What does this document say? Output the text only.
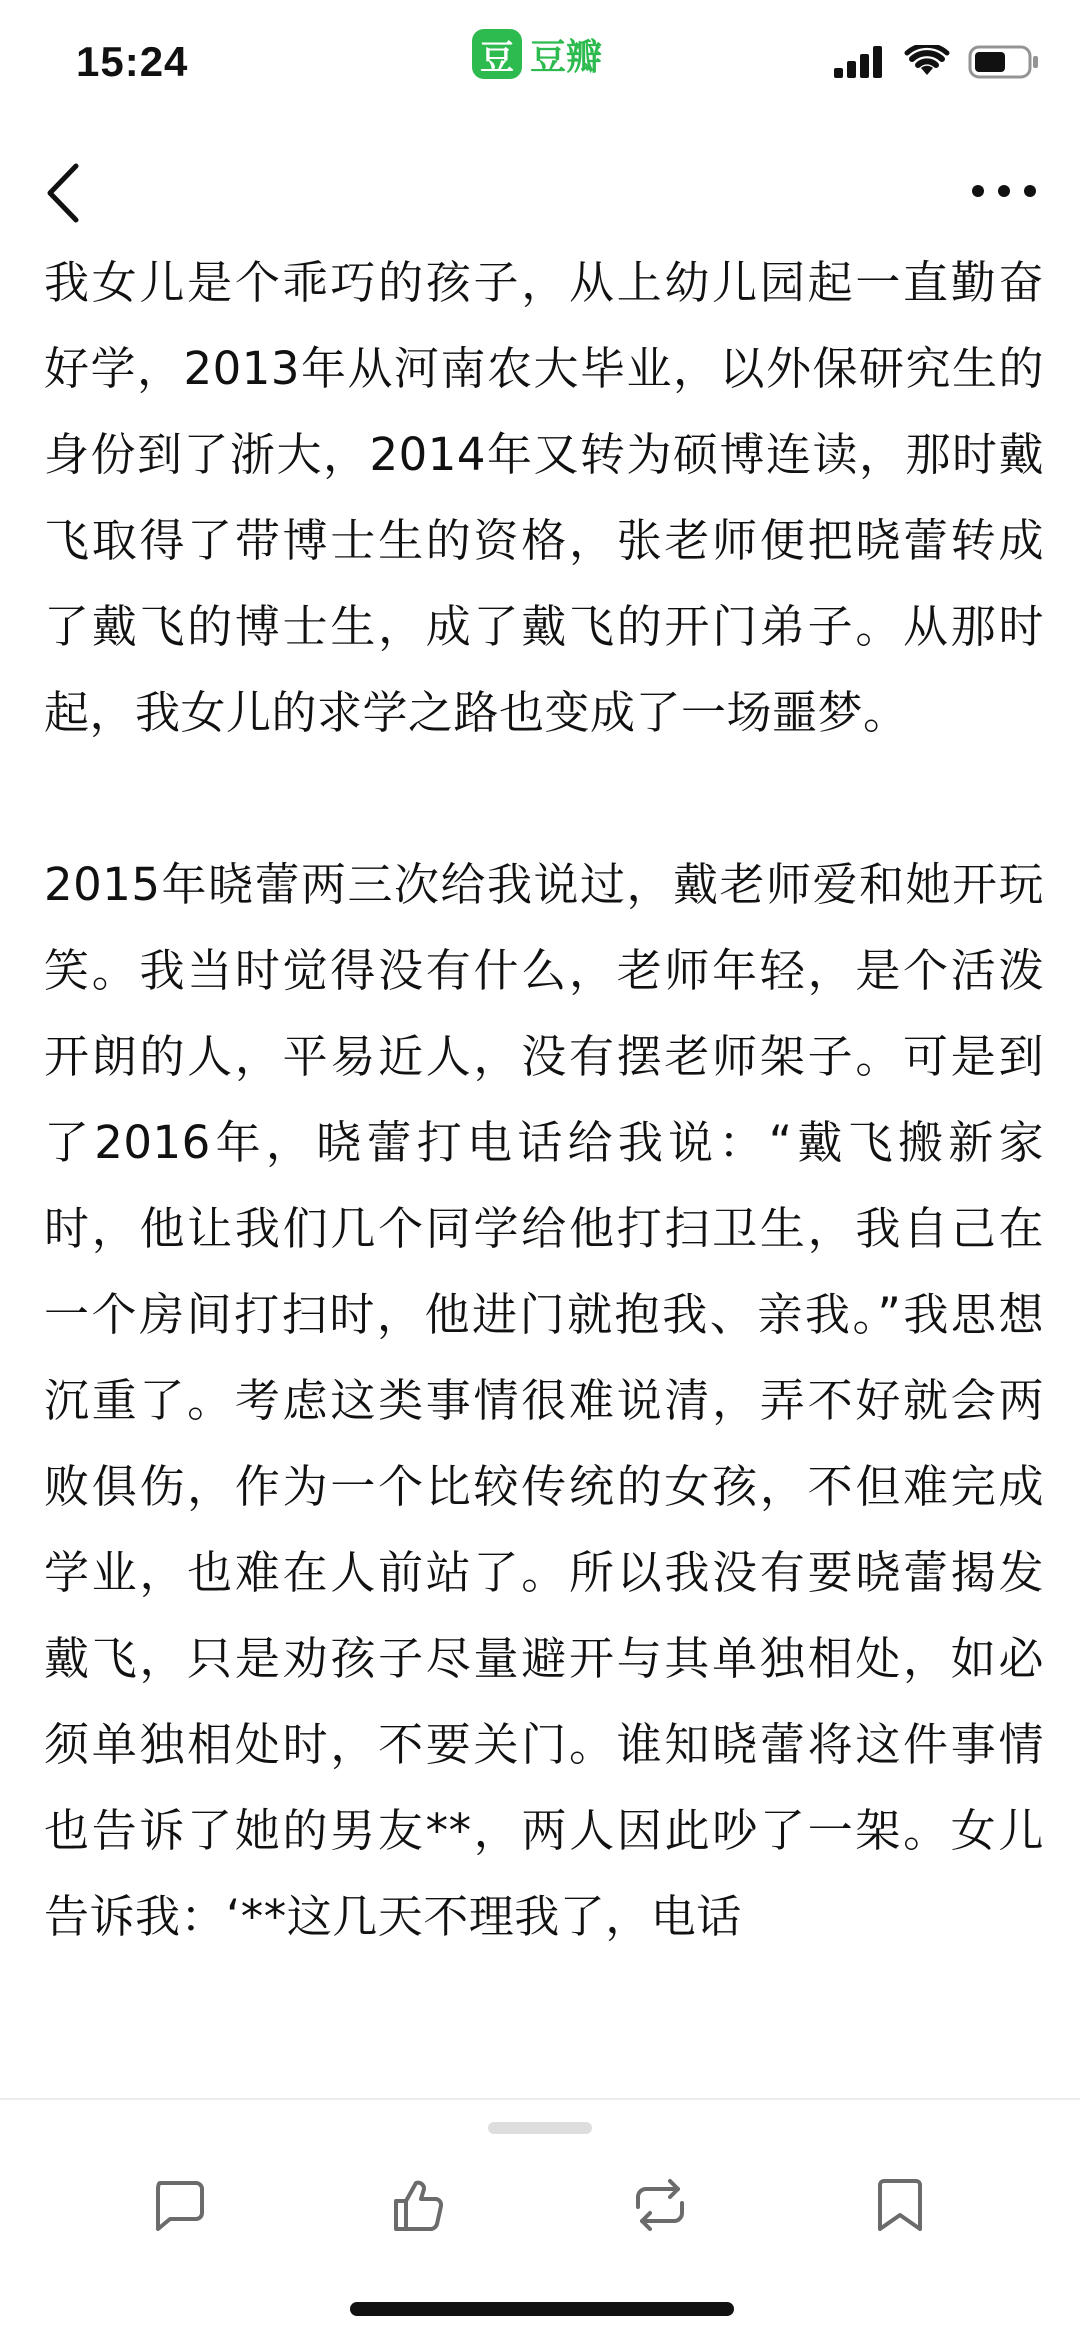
15:24	豆 豆瓣

我女儿是个乖巧的孩子，从上幼儿园起一直勤奋好学，2013年从河南农大毕业，以外保研究生的身份到了浙大，2014年又转为硕博连读，那时戴飞取得了带博士生的资格，张老师便把晓蕾转成了戴飞的博士生，成了戴飞的开门弟子。从那时起，我女儿的求学之路也变成了一场噩梦。

2015年晓蕾两三次给我说过，戴老师爱和她开玩笑。我当时觉得没有什么，老师年轻，是个活泼开朗的人，平易近人，没有摆老师架子。可是到了2016年，晓蕾打电话给我说：“戴飞搬新家时，他让我们几个同学给他打扫卫生，我自己在一个房间打扫时，他进门就抱我、亲我。”我思想沉重了。考虑这类事情很难说清，弄不好就会两败俱伤，作为一个比较传统的女孩，不但难完成学业，也难在人前站了。所以我没有要晓蕾揭发戴飞，只是劝孩子尽量避开与其单独相处，如必须单独相处时，不要关门。谁知晓蕾将这件事情也告诉了她的男友**，两人因此吵了一架。女儿告诉我：‘**这几天不理我了，电话
